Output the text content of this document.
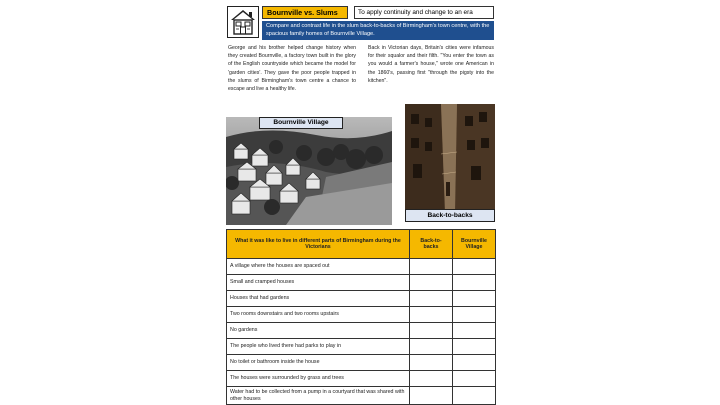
Bournville vs. Slums	To apply continuity and change to an era
Compare and contrast life in the slum back-to-backs of Birmingham's town centre, with the spacious family homes of Bournville Village.
George and his brother helped change history when they created Bournville, a factory town built in the glory of the English countryside which became the model for 'garden cities'. They gave the poor people trapped in the slums of Birmingham's town centre a chance to escape and live a healthy life.
Back in Victorian days, Britain's cities were infamous for their squalor and their filth. "You enter the town as you would a farmer's house," wrote one American in the 1860's, passing first "through the pigsty into the kitchen".
Bournville Village
Back-to-backs
What it was like to live in different parts of Birmingham during the Victorians	Back-to-backs	Bournville Village
A village where the houses are spaced out		
Small and cramped houses		
Houses that had gardens		
Two rooms downstairs and two rooms upstairs		
No gardens		
The people who lived there had parks to play in		
No toilet or bathroom inside the house		
The houses were surrounded by grass and trees		
Water had to be collected from a pump in a courtyard that was shared with other houses		
